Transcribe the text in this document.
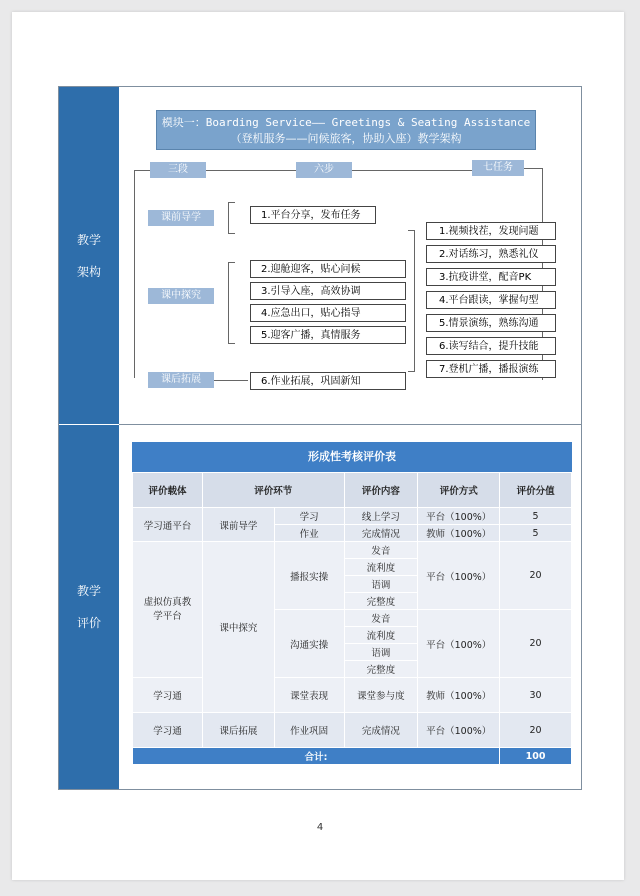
教学
架构
教学
评价
模块一：Boarding Service—— Greetings & Seating Assistance
（登机服务——问候旅客，协助入座）教学架构
三段	六步	七任务
课前导学
课中探究
课后拓展
1.平台分享，发布任务
2.迎舱迎客，贴心问候
3.引导入座，高效协调
4.应急出口，贴心指导
5.迎客广播，真情服务
6.作业拓展，巩固新知
1.视频找茬，发现问题
2.对话练习，熟悉礼仪
3.抗疫讲堂，配音PK
4.平台跟读，掌握句型
5.情景演练，熟练沟通
6.读写结合，提升技能
7.登机广播，播报演练
形成性考核评价表
评价载体	评价环节		评价内容	评价方式	评价分值
学习通平台	课前导学	学习	线上学习	平台（100%）	5
		作业	完成情况	教师（100%）	5
虚拟仿真教学平台	课中探究	播报实操	发音	平台（100%）	20
			流利度		
			语调		
			完整度		
		沟通实操	发音	平台（100%）	20
			流利度		
			语调		
			完整度		
学习通		课堂表现	课堂参与度	教师（100%）	30
学习通	课后拓展	作业巩固	完成情况	平台（100%）	20
合计:					100
4
